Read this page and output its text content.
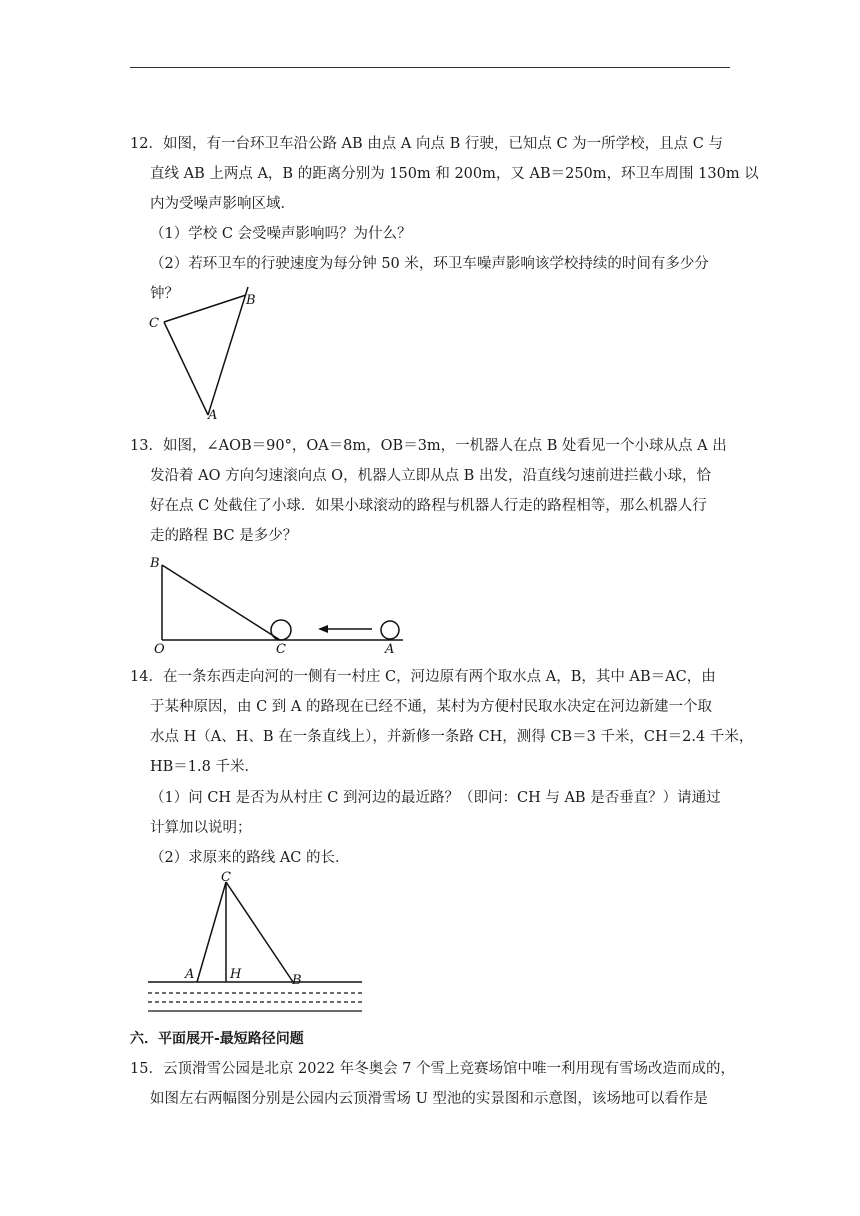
12．如图，有一台环卫车沿公路 AB 由点 A 向点 B 行驶，已知点 C 为一所学校，且点 C 与
直线 AB 上两点 A，B 的距离分别为 150m 和 200m，又 AB＝250m，环卫车周围 130m 以
内为受噪声影响区域．
（1）学校 C 会受噪声影响吗？为什么？
（2）若环卫车的行驶速度为每分钟 50 米，环卫车噪声影响该学校持续的时间有多少分
钟？
C
B
A
13．如图，∠AOB＝90°，OA＝8m，OB＝3m，一机器人在点 B 处看见一个小球从点 A 出
发沿着 AO 方向匀速滚向点 O，机器人立即从点 B 出发，沿直线匀速前进拦截小球，恰
好在点 C 处截住了小球．如果小球滚动的路程与机器人行走的路程相等，那么机器人行
走的路程 BC 是多少？
B
O	C	A
14．在一条东西走向河的一侧有一村庄 C，河边原有两个取水点 A，B，其中 AB＝AC，由
于某种原因，由 C 到 A 的路现在已经不通，某村为方便村民取水决定在河边新建一个取
水点 H（A、H、B 在一条直线上），并新修一条路 CH，测得 CB＝3 千米，CH＝2.4 千米，
HB＝1.8 千米．
（1）问 CH 是否为从村庄 C 到河边的最近路？（即问：CH 与 AB 是否垂直？）请通过
计算加以说明；
（2）求原来的路线 AC 的长．
C
A	H	B
六．平面展开-最短路径问题
15．云顶滑雪公园是北京 2022 年冬奥会 7 个雪上竞赛场馆中唯一利用现有雪场改造而成的，
如图左右两幅图分别是公园内云顶滑雪场 U 型池的实景图和示意图，该场地可以看作是
